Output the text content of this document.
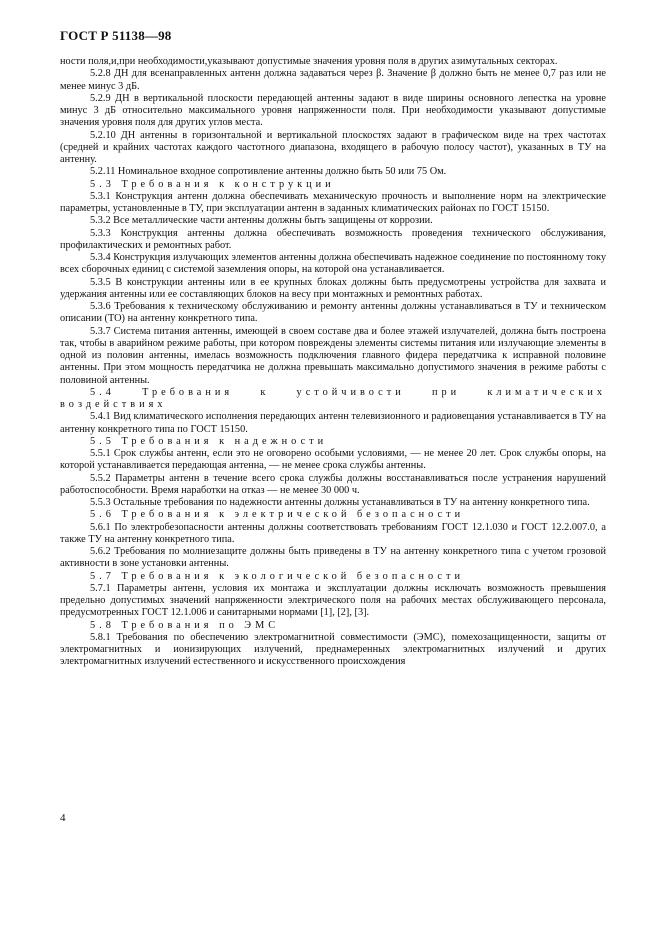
ГОСТ Р 51138—98

ности поля,и,при необходимости,указывают допустимые значения уровня поля в других азимутальных секторах.

5.2.8 ДН для всенаправленных антенн должна задаваться через β. Значение β должно быть не менее 0,7 раз или не менее минус 3 дБ.

5.2.9 ДН в вертикальной плоскости передающей антенны задают в виде ширины основного лепестка на уровне минус 3 дБ относительно максимального уровня напряженности поля. При необходимости указывают допустимые значения уровня поля для других углов места.

5.2.10 ДН антенны в горизонтальной и вертикальной плоскостях задают в графическом виде на трех частотах (средней и крайних частотах каждого частотного диапазона, входящего в рабочую полосу частот), указанных в ТУ на антенну.

5.2.11 Номинальное входное сопротивление антенны должно быть 50 или 75 Ом.

5.3 Требования к конструкции

5.3.1 Конструкция антенн должна обеспечивать механическую прочность и выполнение норм на электрические параметры, установленные в ТУ, при эксплуатации антенн в заданных климатических районах по ГОСТ 15150.

5.3.2 Все металлические части антенны должны быть защищены от коррозии.

5.3.3 Конструкция антенны должна обеспечивать возможность проведения технического обслуживания, профилактических и ремонтных работ.

5.3.4 Конструкция излучающих элементов антенны должна обеспечивать надежное соединение по постоянному току всех сборочных единиц с системой заземления опоры, на которой она устанавливается.

5.3.5 В конструкции антенны или в ее крупных блоках должны быть предусмотрены устройства для захвата и удержания антенны или ее составляющих блоков на весу при монтажных и ремонтных работах.

5.3.6 Требования к техническому обслуживанию и ремонту антенны должны устанавливаться в ТУ и техническом описании (ТО) на антенну конкретного типа.

5.3.7 Система питания антенны, имеющей в своем составе два и более этажей излучателей, должна быть построена так, чтобы в аварийном режиме работы, при котором повреждены элементы системы питания или излучающие элементы в одной из половин антенны, имелась возможность подключения главного фидера передатчика к исправной половине антенны. При этом мощность передатчика не должна превышать максимально допустимого значения в режиме работы с половиной антенны.

5.4 Требования к устойчивости при климатических воздействиях

5.4.1 Вид климатического исполнения передающих антенн телевизионного и радиовещания устанавливается в ТУ на антенну конкретного типа по ГОСТ 15150.

5.5 Требования к надежности

5.5.1 Срок службы антенн, если это не оговорено особыми условиями, — не менее 20 лет. Срок службы опоры, на которой устанавливается передающая антенна, — не менее срока службы антенны.

5.5.2 Параметры антенн в течение всего срока службы должны восстанавливаться после устранения нарушений работоспособности. Время наработки на отказ — не менее 30 000 ч.

5.5.3 Остальные требования по надежности антенны должны устанавливаться в ТУ на антенну конкретного типа.

5.6 Требования к электрической безопасности

5.6.1 По электробезопасности антенны должны соответствовать требованиям ГОСТ 12.1.030 и ГОСТ 12.2.007.0, а также ТУ на антенну конкретного типа.

5.6.2 Требования по молниезащите должны быть приведены в ТУ на антенну конкретного типа с учетом грозовой активности в зоне установки антенны.

5.7 Требования к экологической безопасности

5.7.1 Параметры антенн, условия их монтажа и эксплуатации должны исключать возможность превышения предельно допустимых значений напряженности электрического поля на рабочих местах обслуживающего персонала, предусмотренных ГОСТ 12.1.006 и санитарными нормами [1], [2], [3].

5.8 Требования по ЭМС

5.8.1 Требования по обеспечению электромагнитной совместимости (ЭМС), помехозащищенности, защиты от электромагнитных и ионизирующих излучений, преднамеренных электромагнитных излучений и других электромагнитных излучений естественного и искусственного происхождения

4
